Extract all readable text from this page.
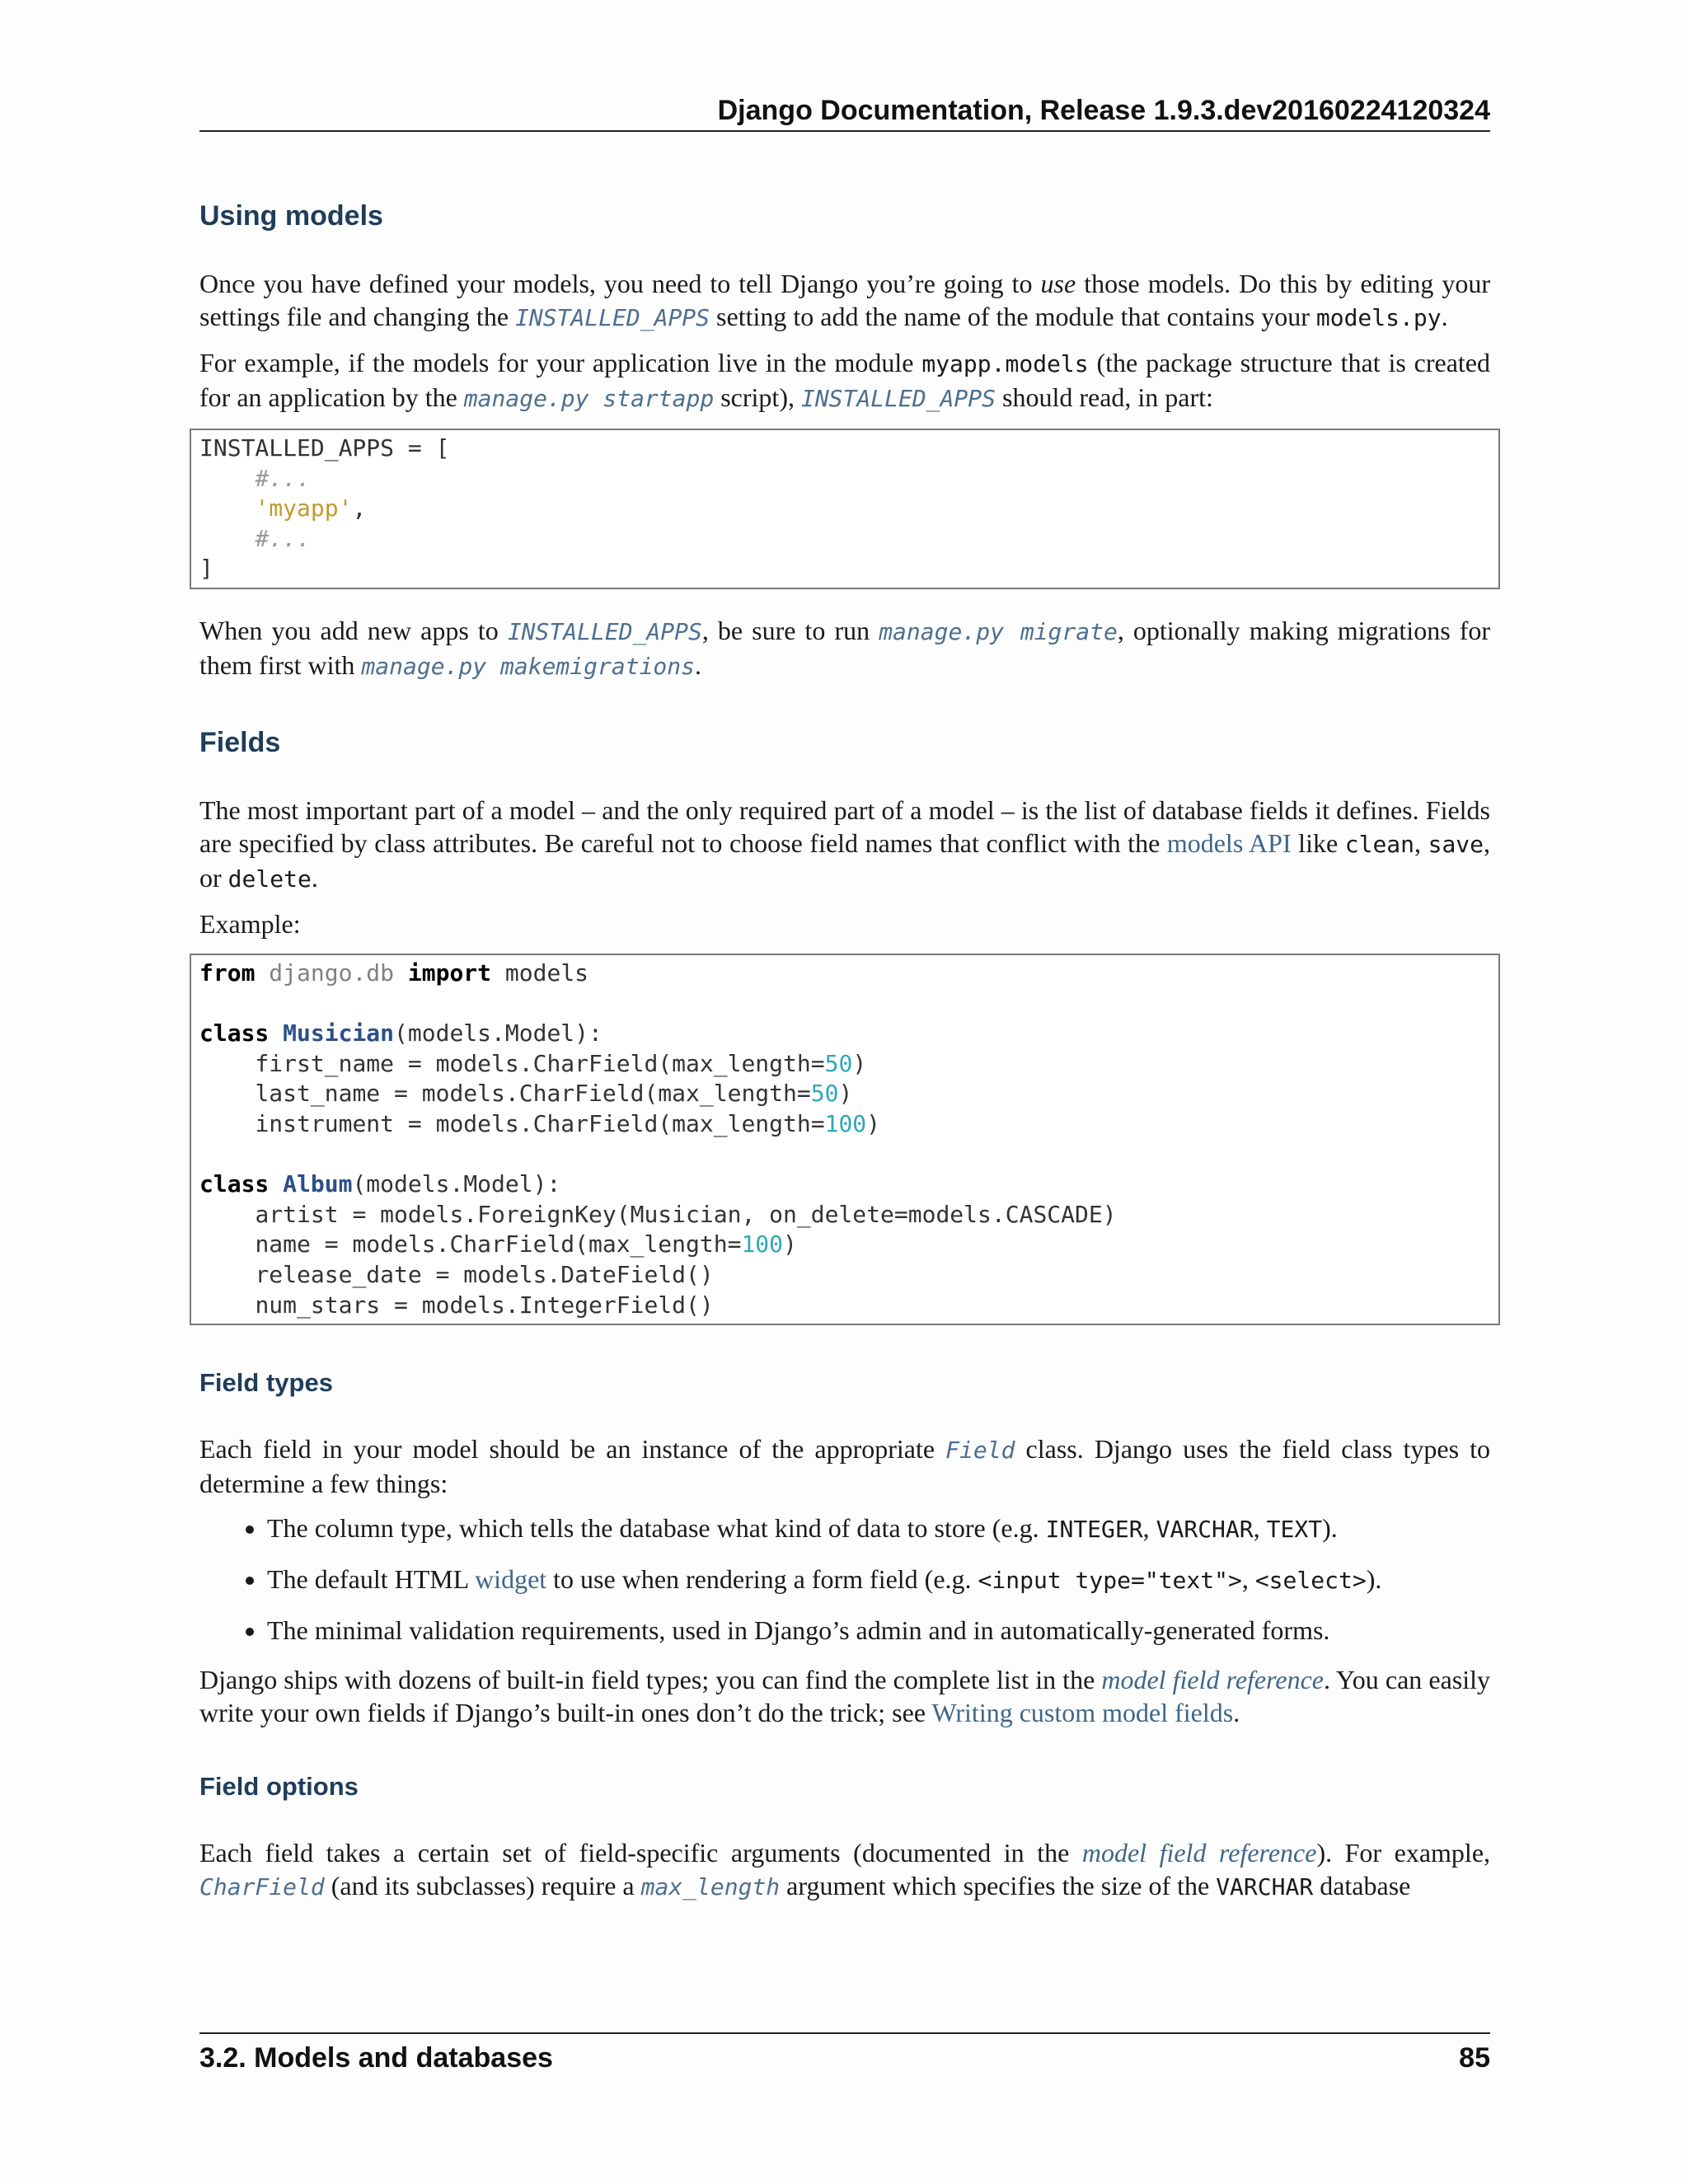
Django Documentation, Release 1.9.3.dev20160224120324
Using models

Once you have defined your models, you need to tell Django you’re going to use those models. Do this by editing your settings file and changing the INSTALLED_APPS setting to add the name of the module that contains your models.py.

For example, if the models for your application live in the module myapp.models (the package structure that is created for an application by the manage.py startapp script), INSTALLED_APPS should read, in part:

INSTALLED_APPS = [
#...
'myapp',
#...
]

When you add new apps to INSTALLED_APPS, be sure to run manage.py migrate, optionally making migrations for them first with manage.py makemigrations.

Fields

The most important part of a model – and the only required part of a model – is the list of database fields it defines. Fields are specified by class attributes. Be careful not to choose field names that conflict with the models API like clean, save, or delete.

Example:

from django.db import models

class Musician(models.Model):
first_name = models.CharField(max_length=50)
last_name = models.CharField(max_length=50)
instrument = models.CharField(max_length=100)

class Album(models.Model):
artist = models.ForeignKey(Musician, on_delete=models.CASCADE)
name = models.CharField(max_length=100)
release_date = models.DateField()
num_stars = models.IntegerField()
Field types

Each field in your model should be an instance of the appropriate Field class. Django uses the field class types to determine a few things:

• The column type, which tells the database what kind of data to store (e.g. INTEGER, VARCHAR, TEXT).
• The default HTML widget to use when rendering a form field (e.g. <input type="text">, <select>).
• The minimal validation requirements, used in Django’s admin and in automatically-generated forms.

Django ships with dozens of built-in field types; you can find the complete list in the model field reference. You can easily write your own fields if Django’s built-in ones don’t do the trick; see Writing custom model fields.

Field options

Each field takes a certain set of field-specific arguments (documented in the model field reference). For example, CharField (and its subclasses) require a max_length argument which specifies the size of the VARCHAR database

3.2. Models and databases	85
